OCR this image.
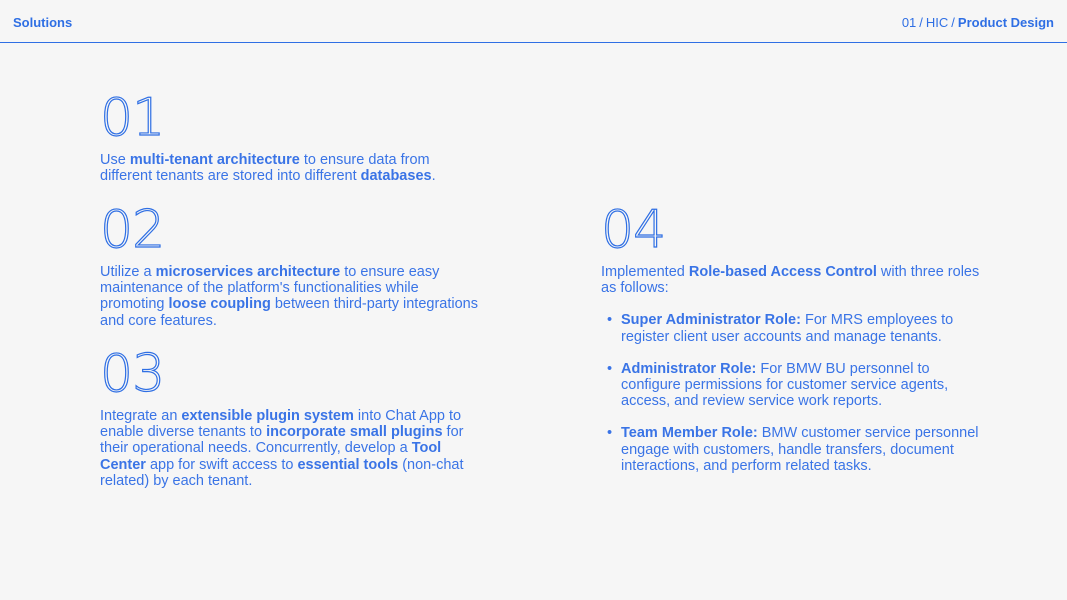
Solutions	01 / HIC / Product Design
01
Use multi-tenant architecture to ensure data from different tenants are stored into different databases.
02
Utilize a microservices architecture to ensure easy maintenance of the platform's functionalities while promoting loose coupling between third-party integrations and core features.
03
Integrate an extensible plugin system into Chat App to enable diverse tenants to incorporate small plugins for their operational needs. Concurrently, develop a Tool Center app for swift access to essential tools (non-chat related) by each tenant.
04
Implemented Role-based Access Control with three roles as follows:
• Super Administrator Role: For MRS employees to register client user accounts and manage tenants.
• Administrator Role: For BMW BU personnel to configure permissions for customer service agents, access, and review service work reports.
• Team Member Role: BMW customer service personnel engage with customers, handle transfers, document interactions, and perform related tasks.
